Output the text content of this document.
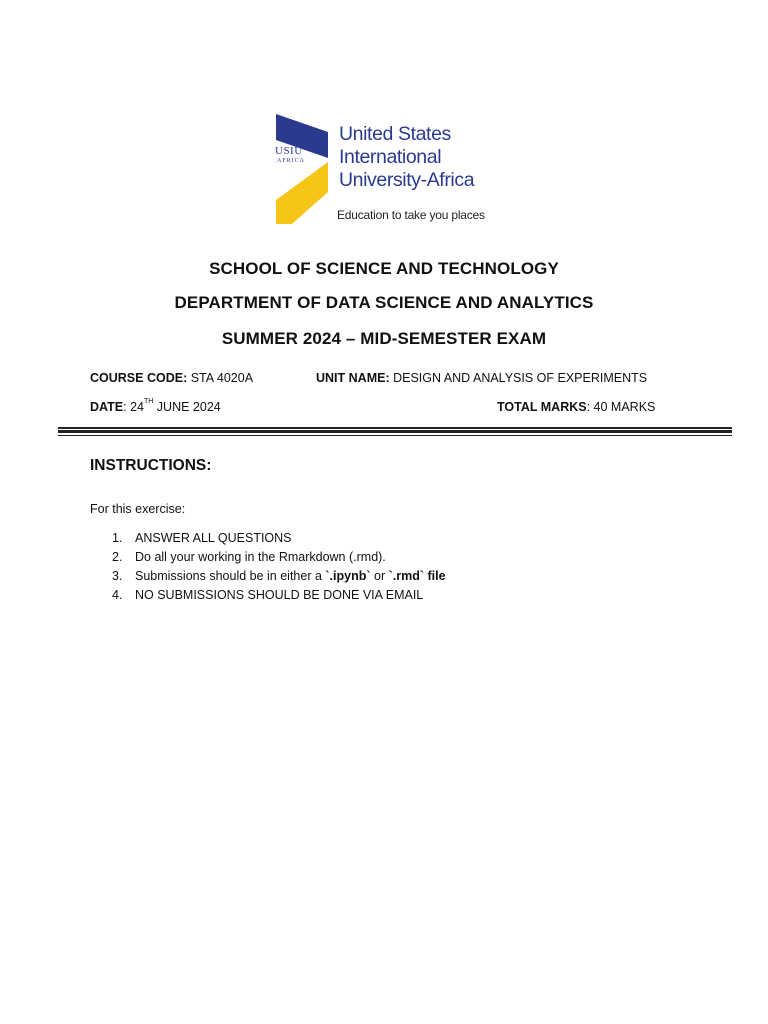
USIU
AFRICA
United States
International
University-Africa
Education to take you places
SCHOOL OF SCIENCE AND TECHNOLOGY
DEPARTMENT OF DATA SCIENCE AND ANALYTICS
SUMMER 2024 – MID-SEMESTER EXAM
COURSE CODE: STA 4020A	UNIT NAME: DESIGN AND ANALYSIS OF EXPERIMENTS
DATE: 24TH JUNE 2024	TOTAL MARKS: 40 MARKS
INSTRUCTIONS:
For this exercise:
1.	ANSWER ALL QUESTIONS
2.	Do all your working in the Rmarkdown (.rmd).
3.	Submissions should be in either a `.ipynb` or `.rmd` file
4.	NO SUBMISSIONS SHOULD BE DONE VIA EMAIL
